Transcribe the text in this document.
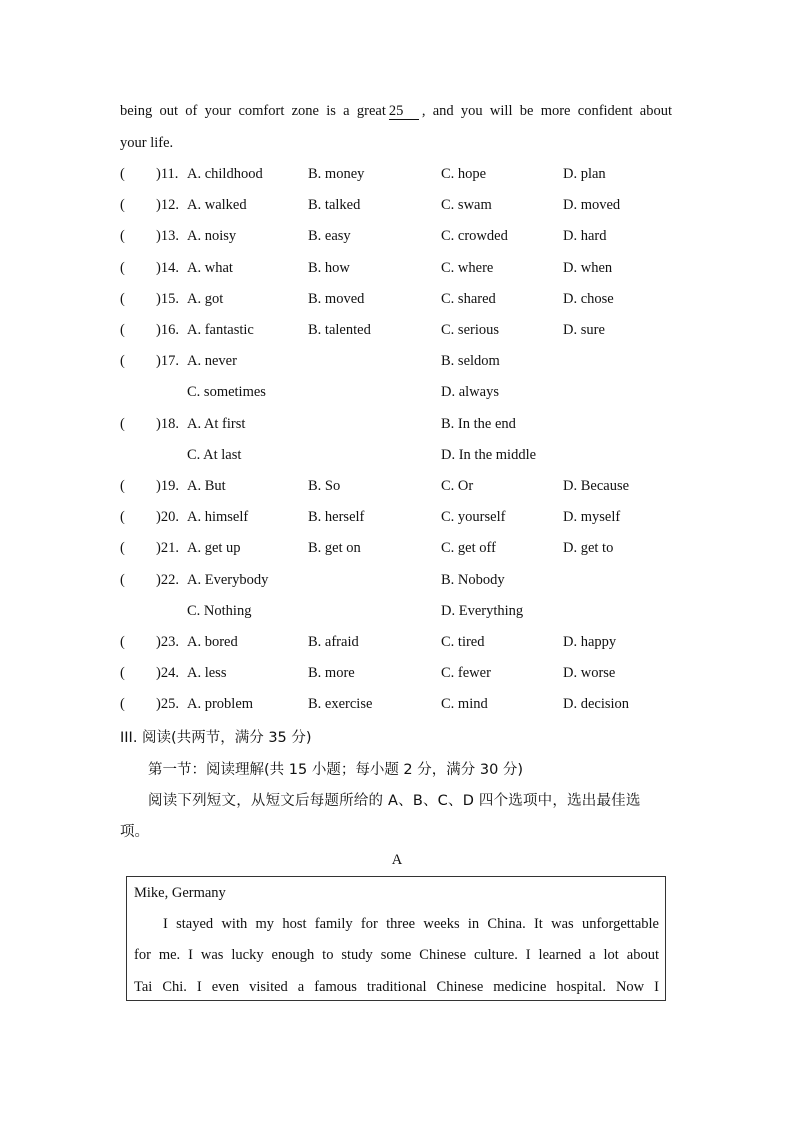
being out of your comfort zone is a great 25 , and you will be more confident about
your life.
( )11. A. childhood	B. money	C. hope	D. plan
( )12. A. walked	B. talked	C. swam	D. moved
( )13. A. noisy	B. easy	C. crowded	D. hard
( )14. A. what	B. how	C. where	D. when
( )15. A. got	B. moved	C. shared	D. chose
( )16. A. fantastic	B. talented	C. serious	D. sure
( )17. A. never	B. seldom
C. sometimes	D. always
( )18. A. At first	B. In the end
C. At last	D. In the middle
( )19. A. But	B. So	C. Or	D. Because
( )20. A. himself	B. herself	C. yourself	D. myself
( )21. A. get up	B. get on	C. get off	D. get to
( )22. A. Everybody	B. Nobody
C. Nothing	D. Everything
( )23. A. bored	B. afraid	C. tired	D. happy
( )24. A. less	B. more	C. fewer	D. worse
( )25. A. problem	B. exercise	C. mind	D. decision
III. 阅读(共两节，满分 35 分)
第一节：阅读理解(共 15 小题；每小题 2 分，满分 30 分)
阅读下列短文，从短文后每题所给的 A、B、C、D 四个选项中，选出最佳选
项。
A
Mike, Germany
I stayed with my host family for three weeks in China. It was unforgettable
for me. I was lucky enough to study some Chinese culture. I learned a lot about
Tai Chi. I even visited a famous traditional Chinese medicine hospital. Now I
